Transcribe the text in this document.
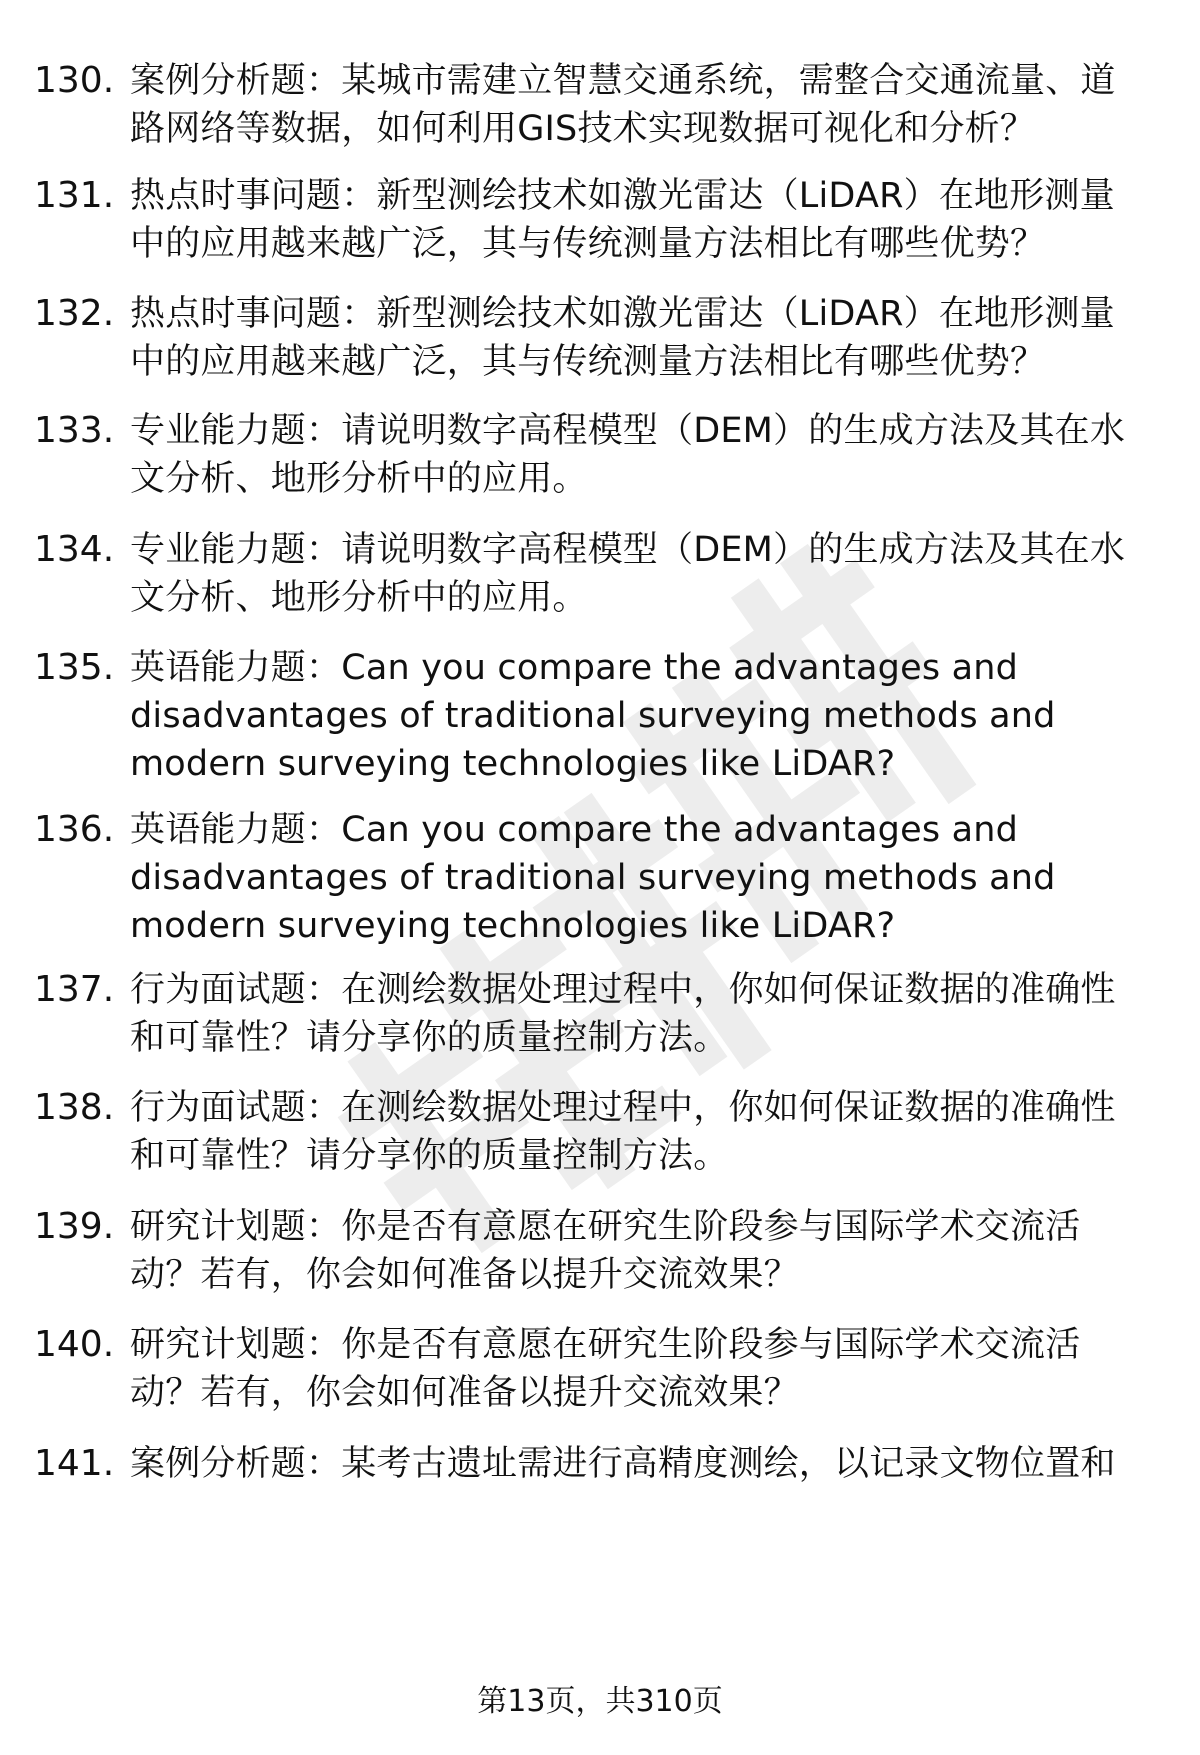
130. 案例分析题：某城市需建立智慧交通系统，需整合交通流量、道
路网络等数据，如何利用GIS技术实现数据可视化和分析？
131. 热点时事问题：新型测绘技术如激光雷达（LiDAR）在地形测量
中的应用越来越广泛，其与传统测量方法相比有哪些优势？
132. 热点时事问题：新型测绘技术如激光雷达（LiDAR）在地形测量
中的应用越来越广泛，其与传统测量方法相比有哪些优势？
133. 专业能力题：请说明数字高程模型（DEM）的生成方法及其在水
文分析、地形分析中的应用。
134. 专业能力题：请说明数字高程模型（DEM）的生成方法及其在水
文分析、地形分析中的应用。
135. 英语能力题：Can you compare the advantages and
disadvantages of traditional surveying methods and
modern surveying technologies like LiDAR?
136. 英语能力题：Can you compare the advantages and
disadvantages of traditional surveying methods and
modern surveying technologies like LiDAR?
137. 行为面试题：在测绘数据处理过程中，你如何保证数据的准确性
和可靠性？请分享你的质量控制方法。
138. 行为面试题：在测绘数据处理过程中，你如何保证数据的准确性
和可靠性？请分享你的质量控制方法。
139. 研究计划题：你是否有意愿在研究生阶段参与国际学术交流活
动？若有，你会如何准备以提升交流效果？
140. 研究计划题：你是否有意愿在研究生阶段参与国际学术交流活
动？若有，你会如何准备以提升交流效果？
141. 案例分析题：某考古遗址需进行高精度测绘，以记录文物位置和
第13页，共310页
